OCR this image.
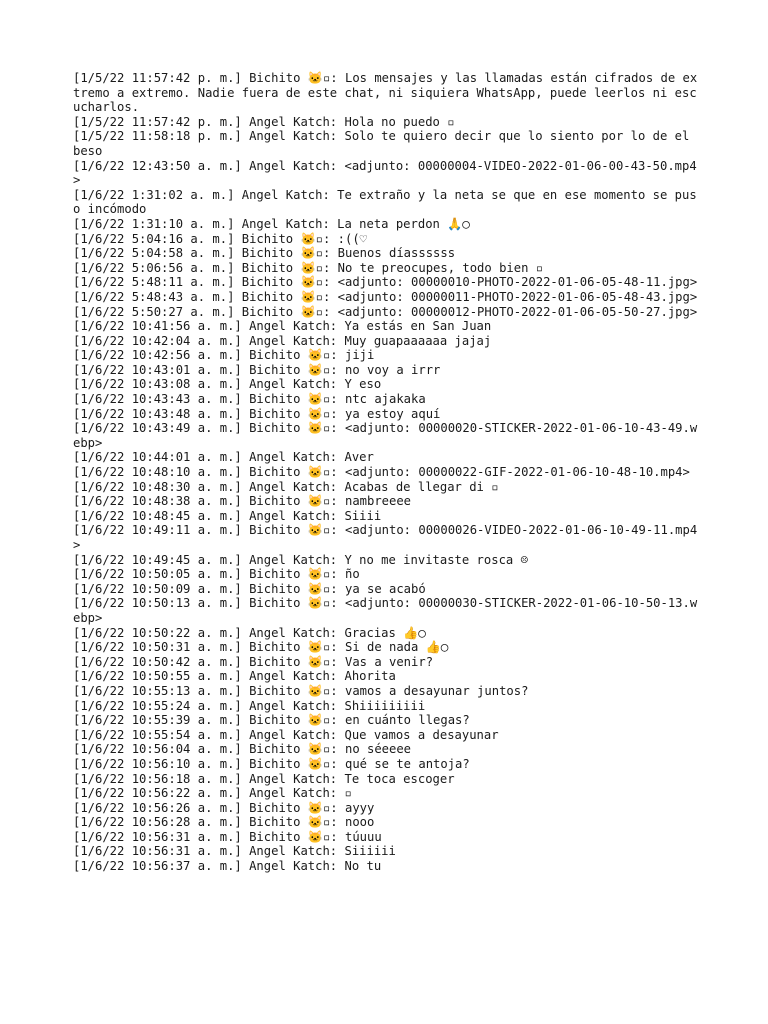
[1/5/22 11:57:42 p. m.] Bichito 🐱▫: Los mensajes y las llamadas están cifrados de extremo a extremo. Nadie fuera de este chat, ni siquiera WhatsApp, puede leerlos ni escucharlos.

[1/5/22 11:57:42 p. m.] Angel Katch: Hola no puedo ▫

[1/5/22 11:58:18 p. m.] Angel Katch: Solo te quiero decir que lo siento por lo de el beso

[1/6/22 12:43:50 a. m.] Angel Katch: <adjunto: 00000004-VIDEO-2022-01-06-00-43-50.mp4>

[1/6/22 1:31:02 a. m.] Angel Katch: Te extraño y la neta se que en ese momento se puso incómodo

[1/6/22 1:31:10 a. m.] Angel Katch: La neta perdon 🙏◯

[1/6/22 5:04:16 a. m.] Bichito 🐱▫: :((♡

[1/6/22 5:04:58 a. m.] Bichito 🐱▫: Buenos díassssss

[1/6/22 5:06:56 a. m.] Bichito 🐱▫: No te preocupes, todo bien ▫

[1/6/22 5:48:11 a. m.] Bichito 🐱▫: <adjunto: 00000010-PHOTO-2022-01-06-05-48-11.jpg>

[1/6/22 5:48:43 a. m.] Bichito 🐱▫: <adjunto: 00000011-PHOTO-2022-01-06-05-48-43.jpg>

[1/6/22 5:50:27 a. m.] Bichito 🐱▫: <adjunto: 00000012-PHOTO-2022-01-06-05-50-27.jpg>

[1/6/22 10:41:56 a. m.] Angel Katch: Ya estás en San Juan

[1/6/22 10:42:04 a. m.] Angel Katch: Muy guapaaaaaa jajaj

[1/6/22 10:42:56 a. m.] Bichito 🐱▫: jiji

[1/6/22 10:43:01 a. m.] Bichito 🐱▫: no voy a irrr

[1/6/22 10:43:08 a. m.] Angel Katch: Y eso

[1/6/22 10:43:43 a. m.] Bichito 🐱▫: ntc ajakaka

[1/6/22 10:43:48 a. m.] Bichito 🐱▫: ya estoy aquí

[1/6/22 10:43:49 a. m.] Bichito 🐱▫: <adjunto: 00000020-STICKER-2022-01-06-10-43-49.webp>

[1/6/22 10:44:01 a. m.] Angel Katch: Aver

[1/6/22 10:48:10 a. m.] Bichito 🐱▫: <adjunto: 00000022-GIF-2022-01-06-10-48-10.mp4>

[1/6/22 10:48:30 a. m.] Angel Katch: Acabas de llegar di ▫

[1/6/22 10:48:38 a. m.] Bichito 🐱▫: nambreeee

[1/6/22 10:48:45 a. m.] Angel Katch: Siiii

[1/6/22 10:49:11 a. m.] Bichito 🐱▫: <adjunto: 00000026-VIDEO-2022-01-06-10-49-11.mp4>

[1/6/22 10:49:45 a. m.] Angel Katch: Y no me invitaste rosca ☹

[1/6/22 10:50:05 a. m.] Bichito 🐱▫: ño

[1/6/22 10:50:09 a. m.] Bichito 🐱▫: ya se acabó

[1/6/22 10:50:13 a. m.] Bichito 🐱▫: <adjunto: 00000030-STICKER-2022-01-06-10-50-13.webp>

[1/6/22 10:50:22 a. m.] Angel Katch: Gracias 👍◯

[1/6/22 10:50:31 a. m.] Bichito 🐱▫: Si de nada 👍◯

[1/6/22 10:50:42 a. m.] Bichito 🐱▫: Vas a venir?

[1/6/22 10:50:55 a. m.] Angel Katch: Ahorita

[1/6/22 10:55:13 a. m.] Bichito 🐱▫: vamos a desayunar juntos?

[1/6/22 10:55:24 a. m.] Angel Katch: Shiiiiiiiii

[1/6/22 10:55:39 a. m.] Bichito 🐱▫: en cuánto llegas?

[1/6/22 10:55:54 a. m.] Angel Katch: Que vamos a desayunar

[1/6/22 10:56:04 a. m.] Bichito 🐱▫: no séeeee

[1/6/22 10:56:10 a. m.] Bichito 🐱▫: qué se te antoja?

[1/6/22 10:56:18 a. m.] Angel Katch: Te toca escoger

[1/6/22 10:56:22 a. m.] Angel Katch: ▫

[1/6/22 10:56:26 a. m.] Bichito 🐱▫: ayyy

[1/6/22 10:56:28 a. m.] Bichito 🐱▫: nooo

[1/6/22 10:56:31 a. m.] Bichito 🐱▫: túuuu

[1/6/22 10:56:31 a. m.] Angel Katch: Siiiiii

[1/6/22 10:56:37 a. m.] Angel Katch: No tu
